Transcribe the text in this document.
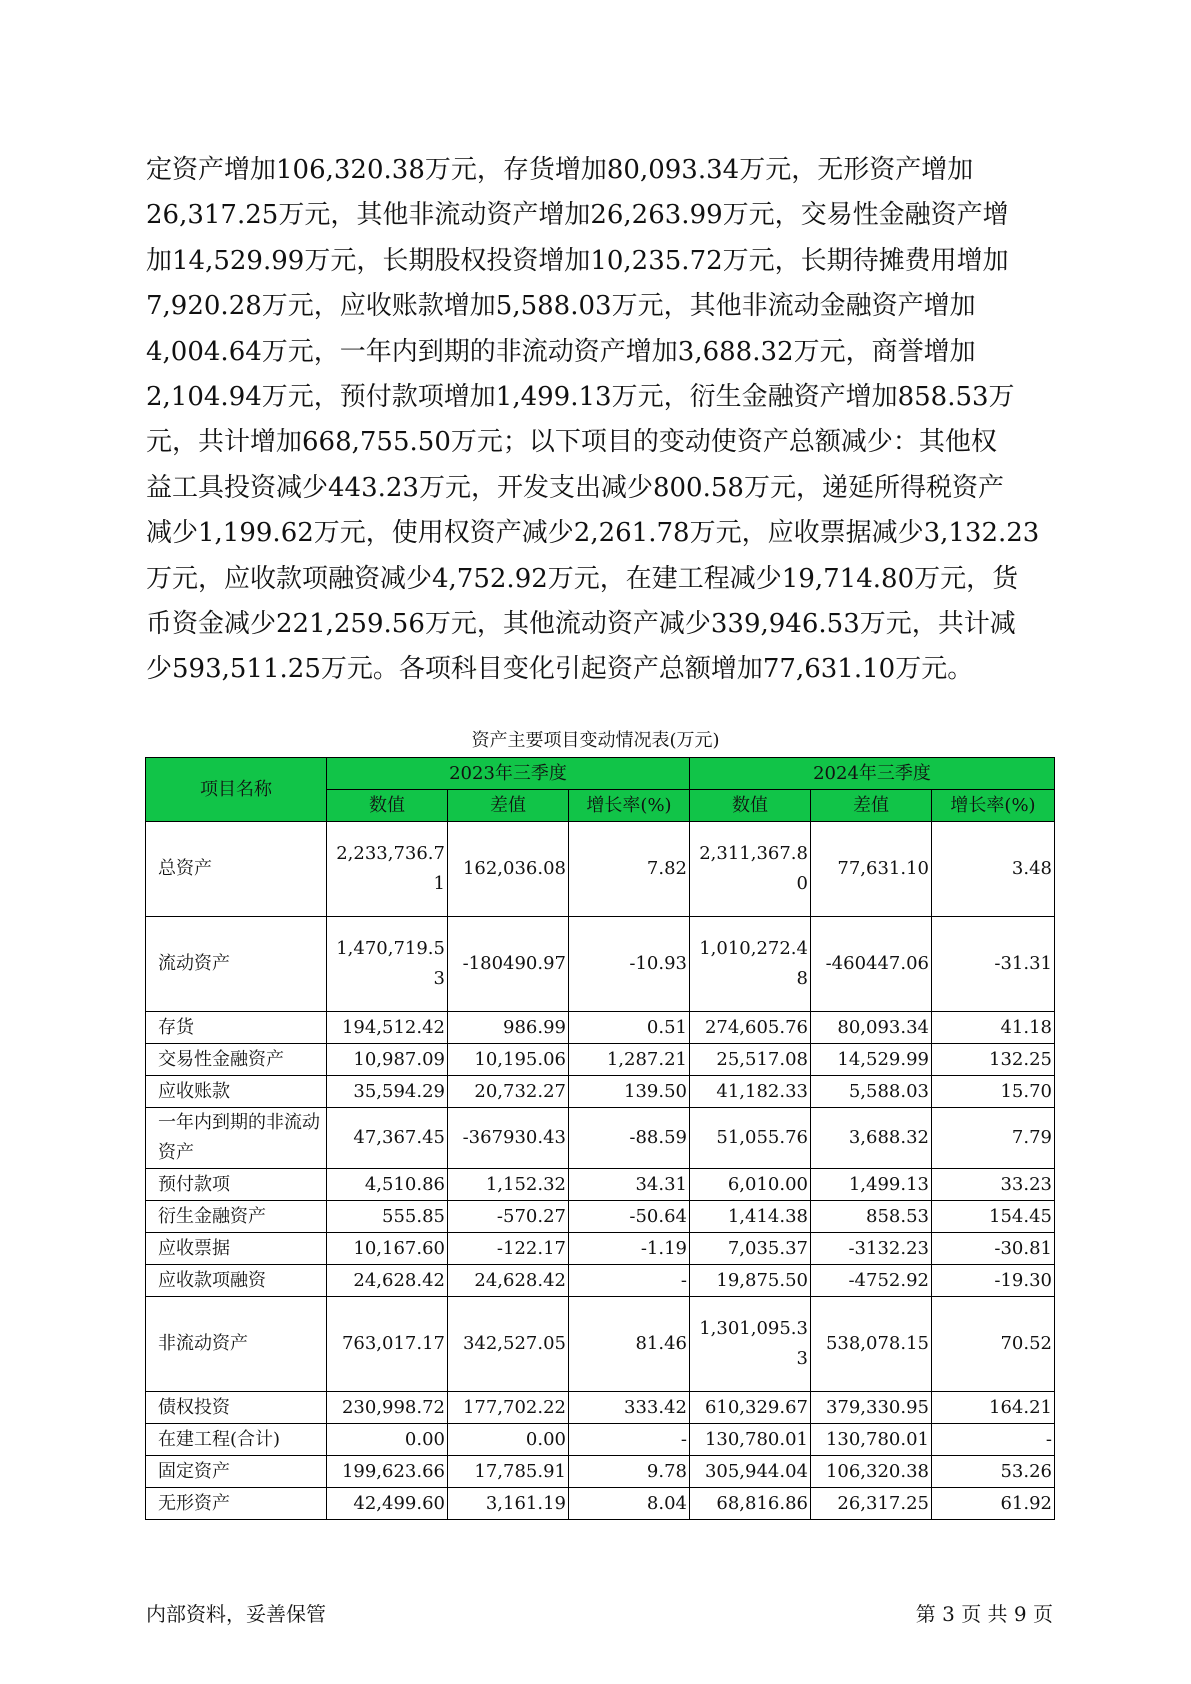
定资产增加106,320.38万元，存货增加80,093.34万元，无形资产增加
26,317.25万元，其他非流动资产增加26,263.99万元，交易性金融资产增
加14,529.99万元，长期股权投资增加10,235.72万元，长期待摊费用增加
7,920.28万元，应收账款增加5,588.03万元，其他非流动金融资产增加
4,004.64万元，一年内到期的非流动资产增加3,688.32万元，商誉增加
2,104.94万元，预付款项增加1,499.13万元，衍生金融资产增加858.53万
元，共计增加668,755.50万元；以下项目的变动使资产总额减少：其他权
益工具投资减少443.23万元，开发支出减少800.58万元，递延所得税资产
减少1,199.62万元，使用权资产减少2,261.78万元，应收票据减少3,132.23
万元，应收款项融资减少4,752.92万元，在建工程减少19,714.80万元，货
币资金减少221,259.56万元，其他流动资产减少339,946.53万元，共计减
少593,511.25万元。各项科目变化引起资产总额增加77,631.10万元。
资产主要项目变动情况表(万元)
项目名称	2023年三季度			2024年三季度		
	数值	差值	增长率(%)	数值	差值	增长率(%)
总资产	2,233,736.71	162,036.08	7.82	2,311,367.80	77,631.10	3.48
流动资产	1,470,719.53	-180490.97	-10.93	1,010,272.48	-460447.06	-31.31
存货	194,512.42	986.99	0.51	274,605.76	80,093.34	41.18
交易性金融资产	10,987.09	10,195.06	1,287.21	25,517.08	14,529.99	132.25
应收账款	35,594.29	20,732.27	139.50	41,182.33	5,588.03	15.70
一年内到期的非流动资产	47,367.45	-367930.43	-88.59	51,055.76	3,688.32	7.79
预付款项	4,510.86	1,152.32	34.31	6,010.00	1,499.13	33.23
衍生金融资产	555.85	-570.27	-50.64	1,414.38	858.53	154.45
应收票据	10,167.60	-122.17	-1.19	7,035.37	-3132.23	-30.81
应收款项融资	24,628.42	24,628.42	-	19,875.50	-4752.92	-19.30
非流动资产	763,017.17	342,527.05	81.46	1,301,095.33	538,078.15	70.52
债权投资	230,998.72	177,702.22	333.42	610,329.67	379,330.95	164.21
在建工程(合计)	0.00	0.00	-	130,780.01	130,780.01	-
固定资产	199,623.66	17,785.91	9.78	305,944.04	106,320.38	53.26
无形资产	42,499.60	3,161.19	8.04	68,816.86	26,317.25	61.92
内部资料，妥善保管	第 3 页 共 9 页
